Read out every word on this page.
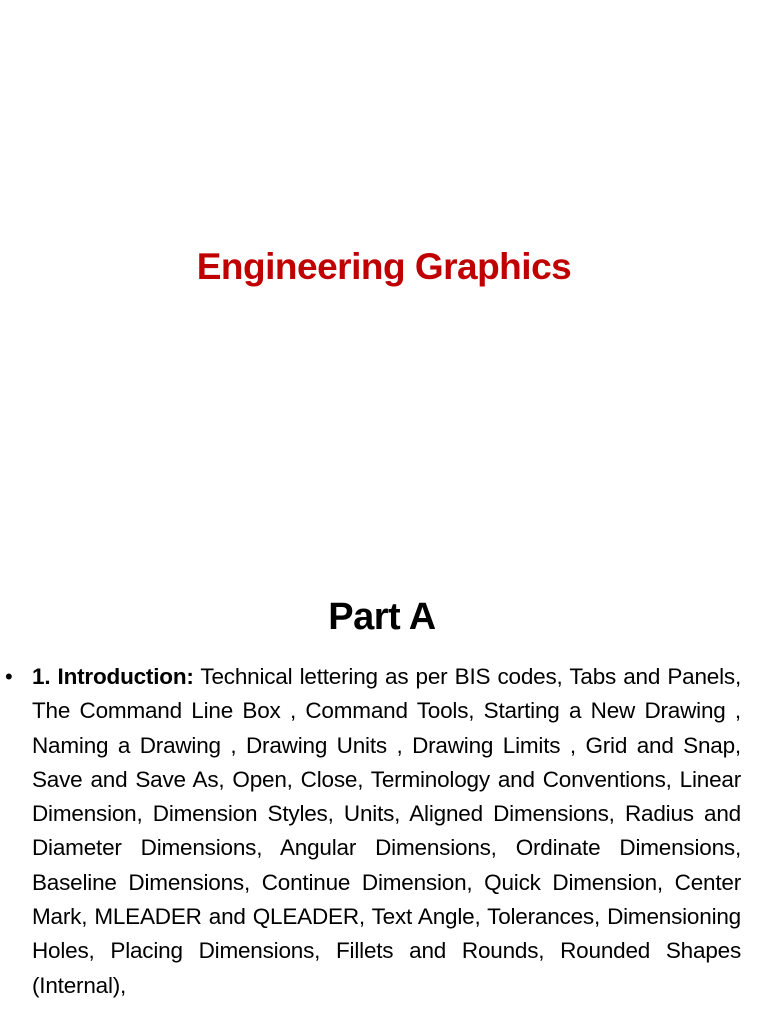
Engineering Graphics
Part A
• 1. Introduction: Technical lettering as per BIS codes, Tabs and Panels, The Command Line Box , Command Tools, Starting a New Drawing , Naming a Drawing , Drawing Units , Drawing Limits , Grid and Snap, Save and Save As, Open, Close, Terminology and Conventions, Linear Dimension, Dimension Styles, Units, Aligned Dimensions, Radius and Diameter Dimensions, Angular Dimensions, Ordinate Dimensions, Baseline Dimensions, Continue Dimension, Quick Dimension, Center Mark, MLEADER and QLEADER, Text Angle, Tolerances, Dimensioning Holes, Placing Dimensions, Fillets and Rounds, Rounded Shapes (Internal),
